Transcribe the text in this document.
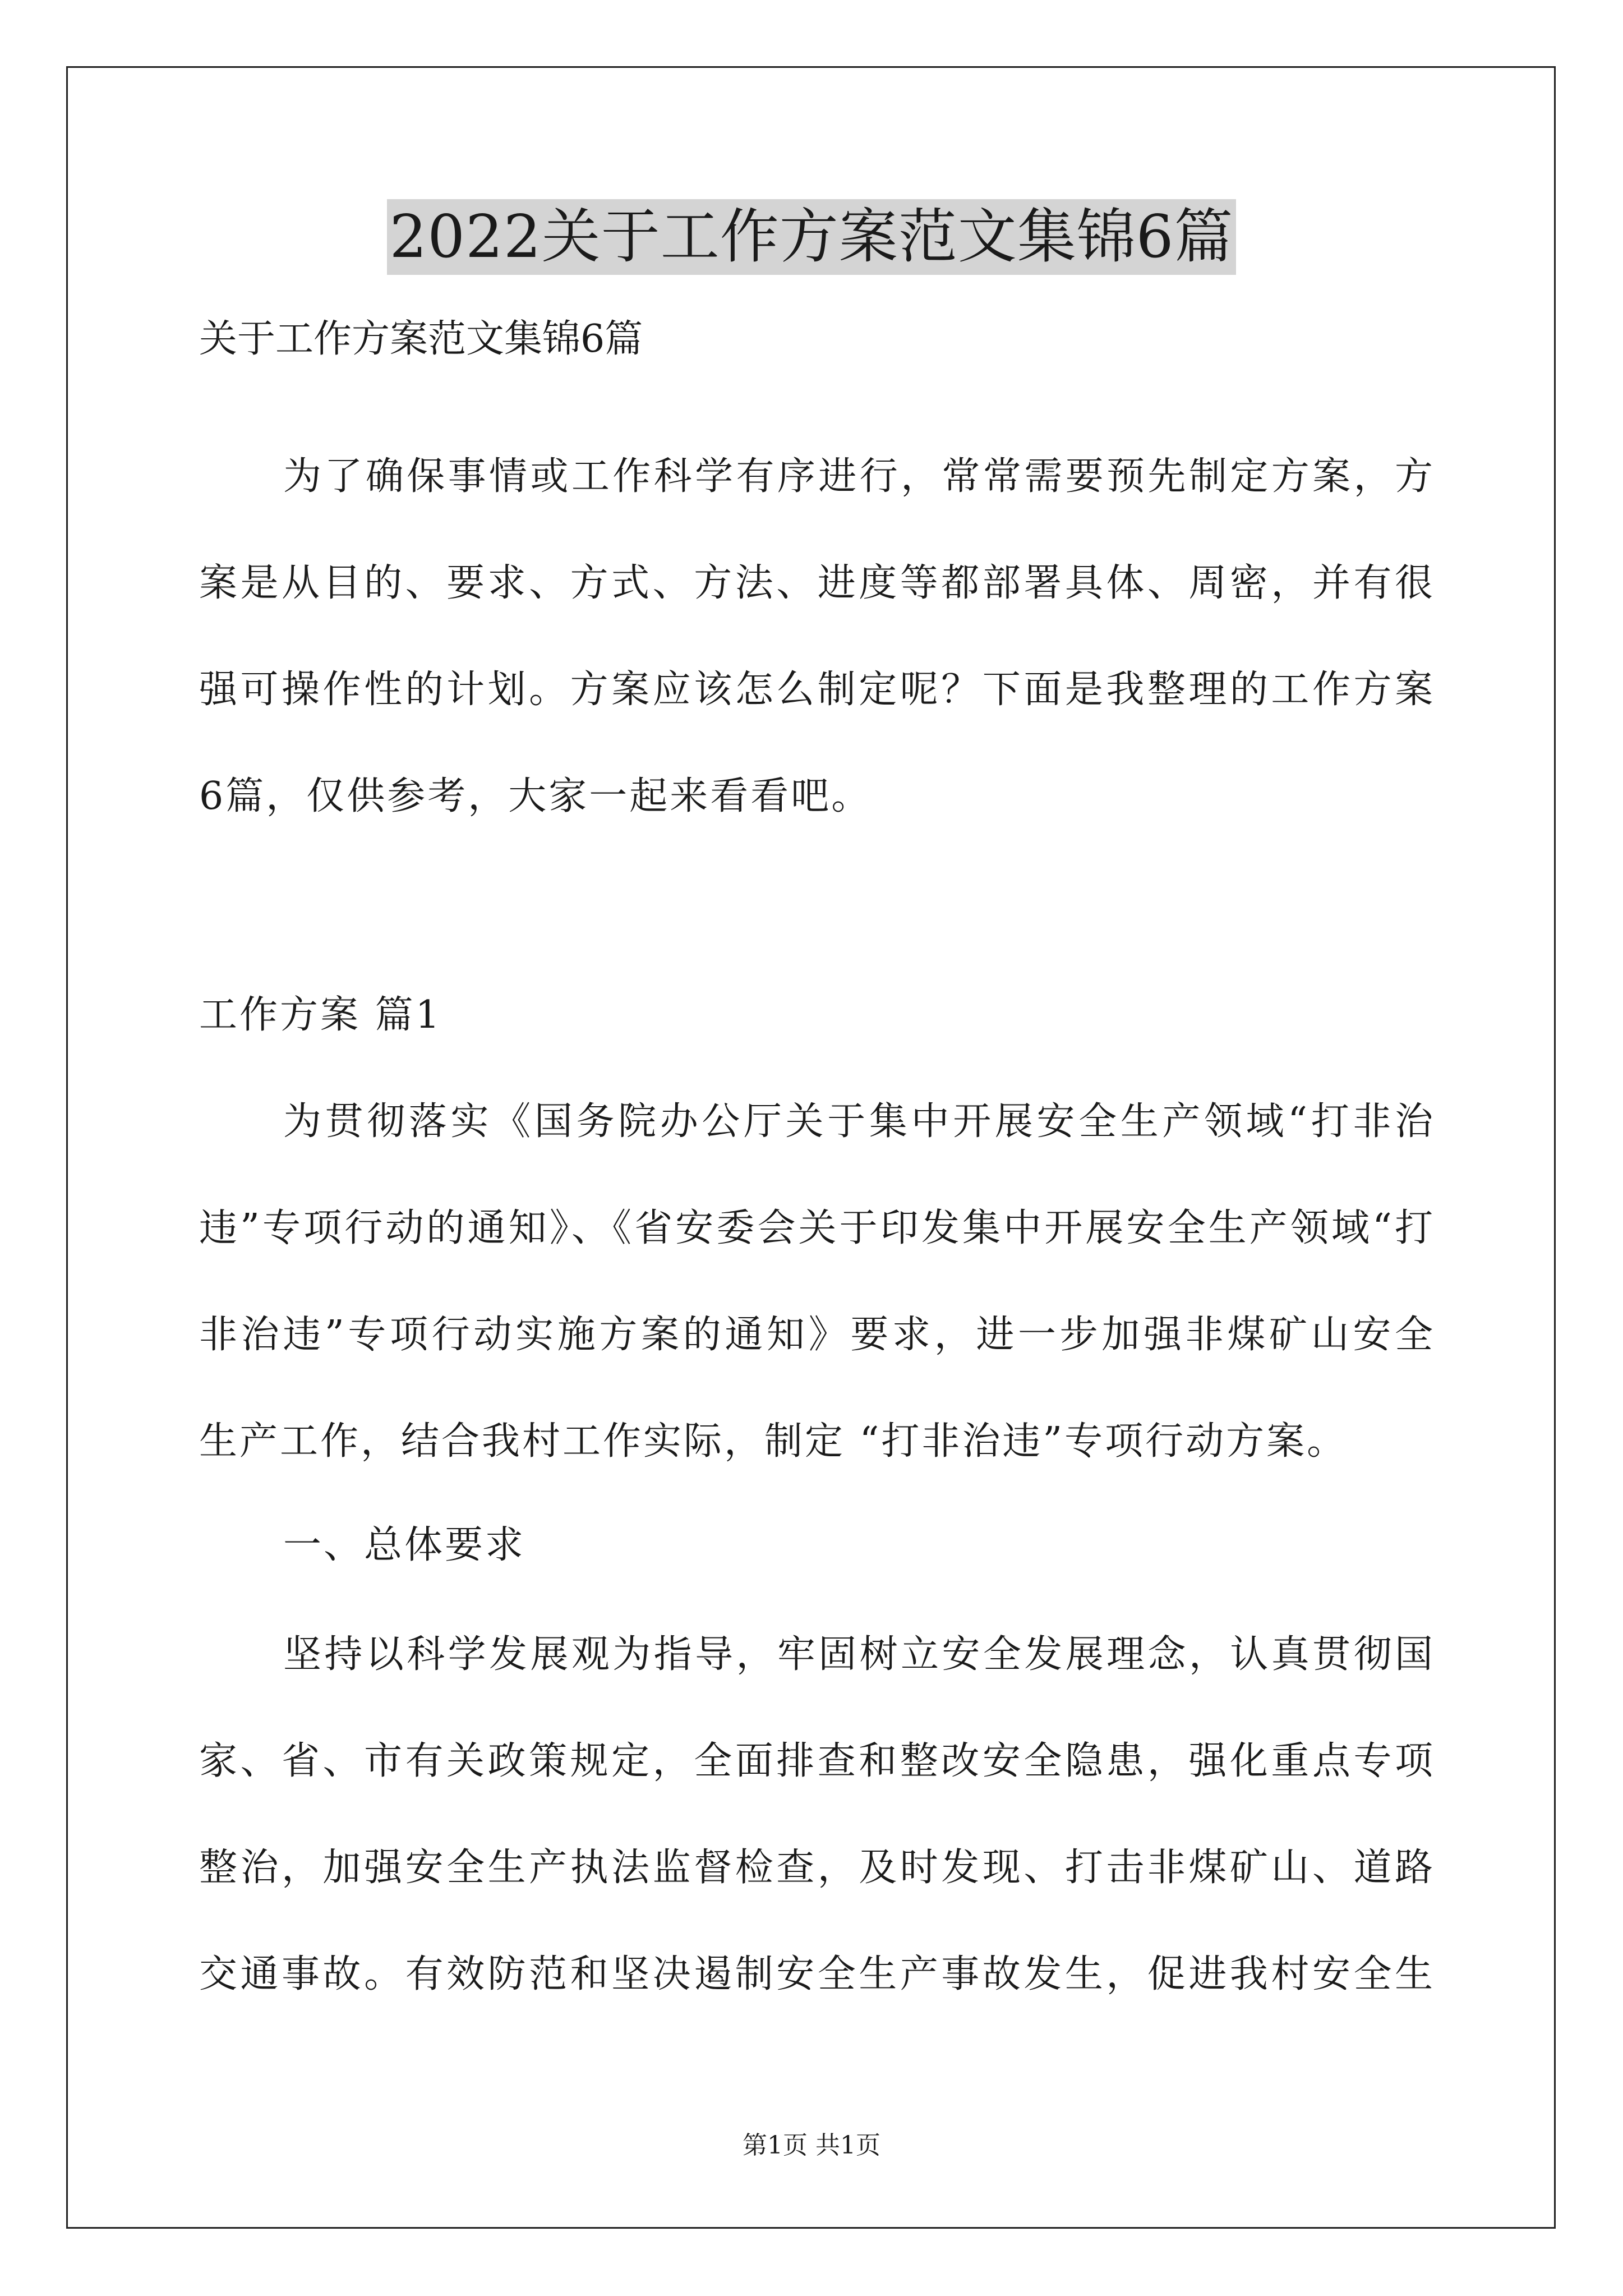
2022关于工作方案范文集锦6篇
关于工作方案范文集锦6篇
为了确保事情或工作科学有序进行，常常需要预先制定方案，方
案是从目的、要求、方式、方法、进度等都部署具体、周密，并有很
强可操作性的计划。方案应该怎么制定呢？下面是我整理的工作方案
6篇，仅供参考，大家一起来看看吧。
工作方案 篇1
为贯彻落实《国务院办公厅关于集中开展安全生产领域“打非治
违”专项行动的通知》、《省安委会关于印发集中开展安全生产领域“打
非治违”专项行动实施方案的通知》要求，进一步加强非煤矿山安全
生产工作，结合我村工作实际，制定 “打非治违”专项行动方案。
一、总体要求
坚持以科学发展观为指导，牢固树立安全发展理念，认真贯彻国
家、省、市有关政策规定，全面排查和整改安全隐患，强化重点专项
整治，加强安全生产执法监督检查，及时发现、打击非煤矿山、道路
交通事故。有效防范和坚决遏制安全生产事故发生，促进我村安全生
第1页 共1页
